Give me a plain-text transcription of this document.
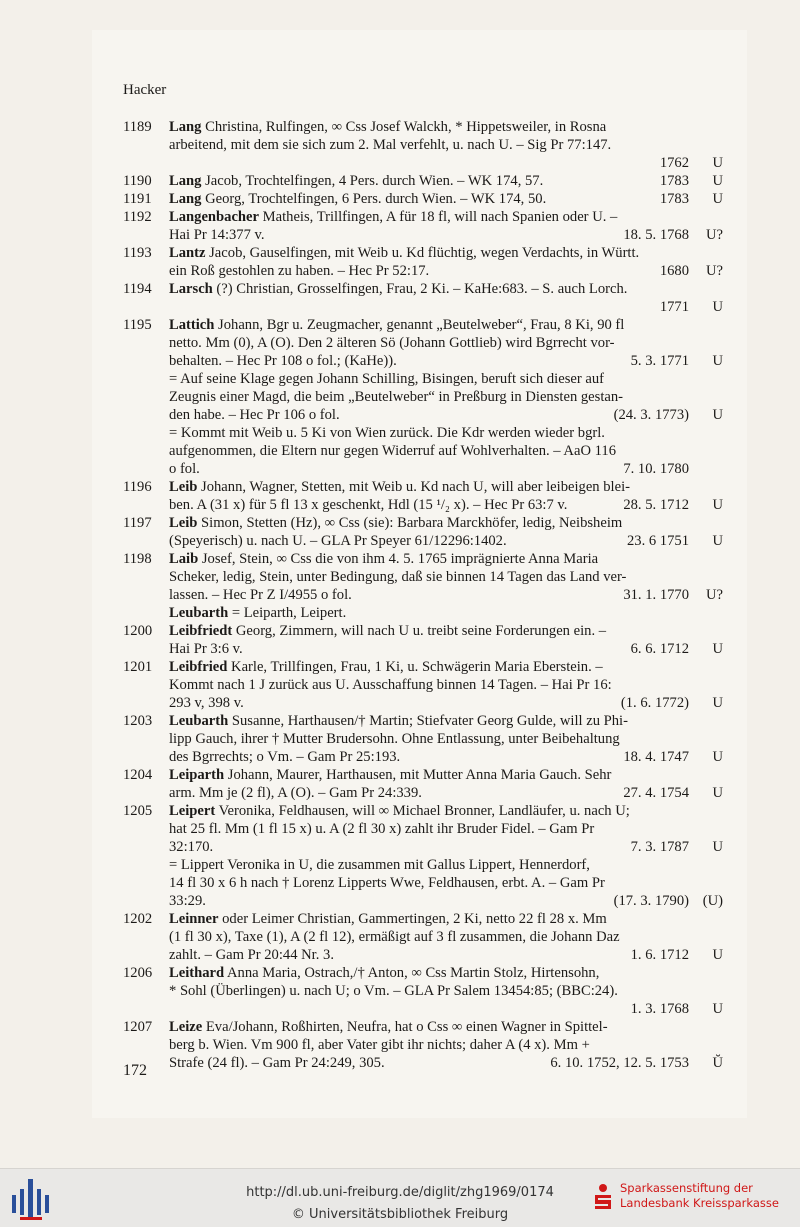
Hacker
1189	Lang Christina, Rulfingen, ∞ Css Josef Walckh, * Hippetsweiler, in Rosna
arbeitend, mit dem sie sich zum 2. Mal verfehlt, u. nach U. – Sig Pr 77:147.
1762	U
1190	Lang Jacob, Trochtelfingen, 4 Pers. durch Wien. – WK 174, 57.	1783	U
1191	Lang Georg, Trochtelfingen, 6 Pers. durch Wien. – WK 174, 50.	1783	U
1192	Langenbacher Matheis, Trillfingen, A für 18 fl, will nach Spanien oder U. –
Hai Pr 14:377 v.	18. 5. 1768	U?
1193	Lantz Jacob, Gauselfingen, mit Weib u. Kd flüchtig, wegen Verdachts, in Württ.
ein Roß gestohlen zu haben. – Hec Pr 52:17.	1680	U?
1194	Larsch (?) Christian, Grosselfingen, Frau, 2 Ki. – KaHe:683. – S. auch Lorch.
1771	U
1195	Lattich Johann, Bgr u. Zeugmacher, genannt „Beutelweber“, Frau, 8 Ki, 90 fl
netto. Mm (0), A (O). Den 2 älteren Sö (Johann Gottlieb) wird Bgrrecht vor-
behalten. – Hec Pr 108 o fol.; (KaHe)).	5. 3. 1771	U
= Auf seine Klage gegen Johann Schilling, Bisingen, beruft sich dieser auf
Zeugnis einer Magd, die beim „Beutelweber“ in Preßburg in Diensten gestan-
den habe. – Hec Pr 106 o fol.	(24. 3. 1773)	U
= Kommt mit Weib u. 5 Ki von Wien zurück. Die Kdr werden wieder bgrl.
aufgenommen, die Eltern nur gegen Widerruf auf Wohlverhalten. – AaO 116
o fol.	7. 10. 1780
1196	Leib Johann, Wagner, Stetten, mit Weib u. Kd nach U, will aber leibeigen blei-
ben. A (31 x) für 5 fl 13 x geschenkt, Hdl (15 ¹/₂ x). – Hec Pr 63:7 v.	28. 5. 1712	U
1197	Leib Simon, Stetten (Hz), ∞ Css (sie): Barbara Marckhöfer, ledig, Neibsheim
(Speyerisch) u. nach U. – GLA Pr Speyer 61/12296:1402.	23. 6 1751	U
1198	Laib Josef, Stein, ∞ Css die von ihm 4. 5. 1765 imprägnierte Anna Maria
Scheker, ledig, Stein, unter Bedingung, daß sie binnen 14 Tagen das Land ver-
lassen. – Hec Pr Z I/4955 o fol.	31. 1. 1770	U?
Leubarth = Leiparth, Leipert.
1200	Leibfriedt Georg, Zimmern, will nach U u. treibt seine Forderungen ein. –
Hai Pr 3:6 v.	6. 6. 1712	U
1201	Leibfried Karle, Trillfingen, Frau, 1 Ki, u. Schwägerin Maria Eberstein. –
Kommt nach 1 J zurück aus U. Ausschaffung binnen 14 Tagen. – Hai Pr 16:
293 v, 398 v.	(1. 6. 1772)	U
1203	Leubarth Susanne, Harthausen/† Martin; Stiefvater Georg Gulde, will zu Phi-
lipp Gauch, ihrer † Mutter Brudersohn. Ohne Entlassung, unter Beibehaltung
des Bgrrechts; o Vm. – Gam Pr 25:193.	18. 4. 1747	U
1204	Leiparth Johann, Maurer, Harthausen, mit Mutter Anna Maria Gauch. Sehr
arm. Mm je (2 fl), A (O). – Gam Pr 24:339.	27. 4. 1754	U
1205	Leipert Veronika, Feldhausen, will ∞ Michael Bronner, Landläufer, u. nach U;
hat 25 fl. Mm (1 fl 15 x) u. A (2 fl 30 x) zahlt ihr Bruder Fidel. – Gam Pr
32:170.	7. 3. 1787	U
= Lippert Veronika in U, die zusammen mit Gallus Lippert, Hennerdorf,
14 fl 30 x 6 h nach † Lorenz Lipperts Wwe, Feldhausen, erbt. A. – Gam Pr
33:29.	(17. 3. 1790) (U)
1202	Leinner oder Leimer Christian, Gammertingen, 2 Ki, netto 22 fl 28 x. Mm
(1 fl 30 x), Taxe (1), A (2 fl 12), ermäßigt auf 3 fl zusammen, die Johann Daz
zahlt. – Gam Pr 20:44 Nr. 3.	1. 6. 1712	U
1206	Leithard Anna Maria, Ostrach,/† Anton, ∞ Css Martin Stolz, Hirtensohn,
* Sohl (Überlingen) u. nach U; o Vm. – GLA Pr Salem 13454:85; (BBC:24).
1. 3. 1768	U
1207	Leize Eva/Johann, Roßhirten, Neufra, hat o Css ∞ einen Wagner in Spittel-
berg b. Wien. Vm 900 fl, aber Vater gibt ihr nichts; daher A (4 x). Mm +
Strafe (24 fl). – Gam Pr 24:249, 305.	6. 10. 1752, 12. 5. 1753	Ŭ
172
http://dl.ub.uni-freiburg.de/diglit/zhg1969/0174
© Universitätsbibliothek Freiburg
Sparkassenstiftung der
Landesbank Kreissparkasse
